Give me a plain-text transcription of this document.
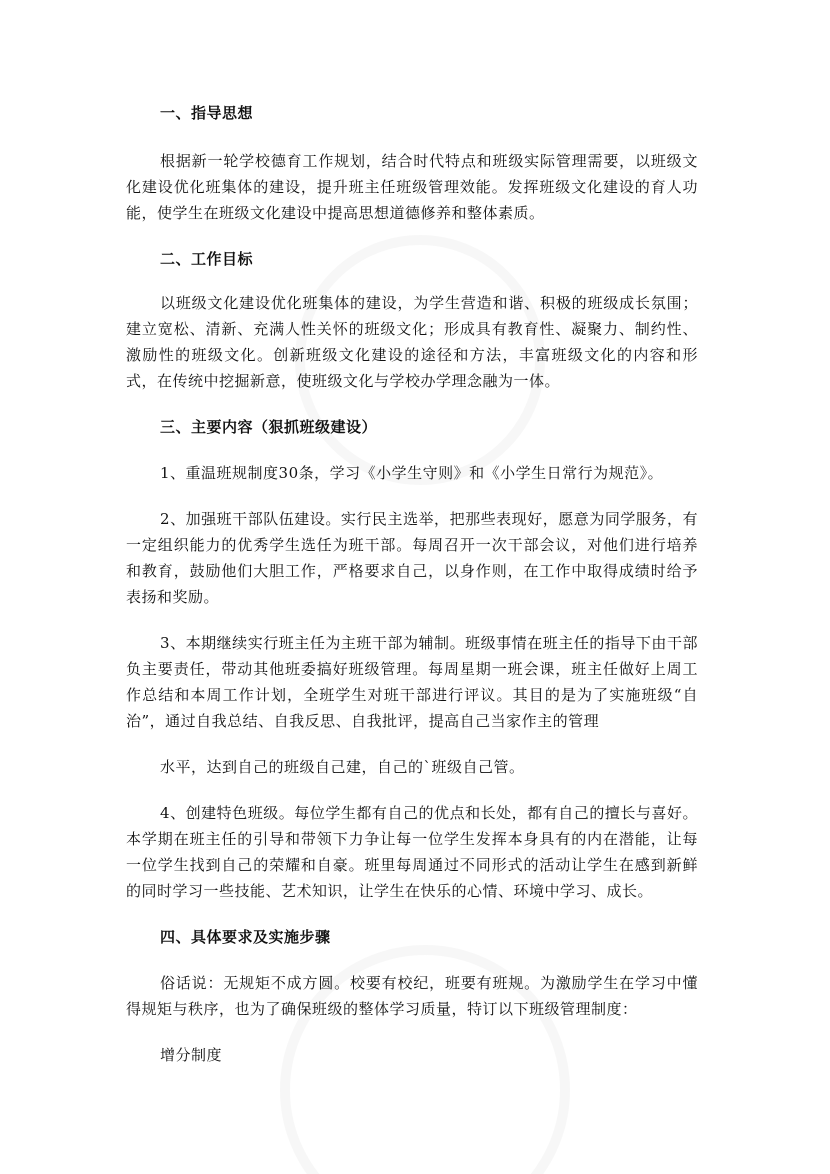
一、指导思想

根据新一轮学校德育工作规划，结合时代特点和班级实际管理需要，以班级文化建设优化班集体的建设，提升班主任班级管理效能。发挥班级文化建设的育人功能，使学生在班级文化建设中提高思想道德修养和整体素质。

二、工作目标

以班级文化建设优化班集体的建设，为学生营造和谐、积极的班级成长氛围；建立宽松、清新、充满人性关怀的班级文化；形成具有教育性、凝聚力、制约性、激励性的班级文化。创新班级文化建设的途径和方法，丰富班级文化的内容和形式，在传统中挖掘新意，使班级文化与学校办学理念融为一体。

三、主要内容（狠抓班级建设）

1、重温班规制度30条，学习《小学生守则》和《小学生日常行为规范》。

2、加强班干部队伍建设。实行民主选举，把那些表现好，愿意为同学服务，有一定组织能力的优秀学生选任为班干部。每周召开一次干部会议，对他们进行培养和教育，鼓励他们大胆工作，严格要求自己，以身作则，在工作中取得成绩时给予表扬和奖励。

3、本期继续实行班主任为主班干部为辅制。班级事情在班主任的指导下由干部负主要责任，带动其他班委搞好班级管理。每周星期一班会课，班主任做好上周工作总结和本周工作计划，全班学生对班干部进行评议。其目的是为了实施班级“自治”，通过自我总结、自我反思、自我批评，提高自己当家作主的管理

水平，达到自己的班级自己建，自己的`班级自己管。

4、创建特色班级。每位学生都有自己的优点和长处，都有自己的擅长与喜好。本学期在班主任的引导和带领下力争让每一位学生发挥本身具有的内在潜能，让每一位学生找到自己的荣耀和自豪。班里每周通过不同形式的活动让学生在感到新鲜的同时学习一些技能、艺术知识，让学生在快乐的心情、环境中学习、成长。

四、具体要求及实施步骤

俗话说：无规矩不成方圆。校要有校纪，班要有班规。为激励学生在学习中懂得规矩与秩序，也为了确保班级的整体学习质量，特订以下班级管理制度：

增分制度
